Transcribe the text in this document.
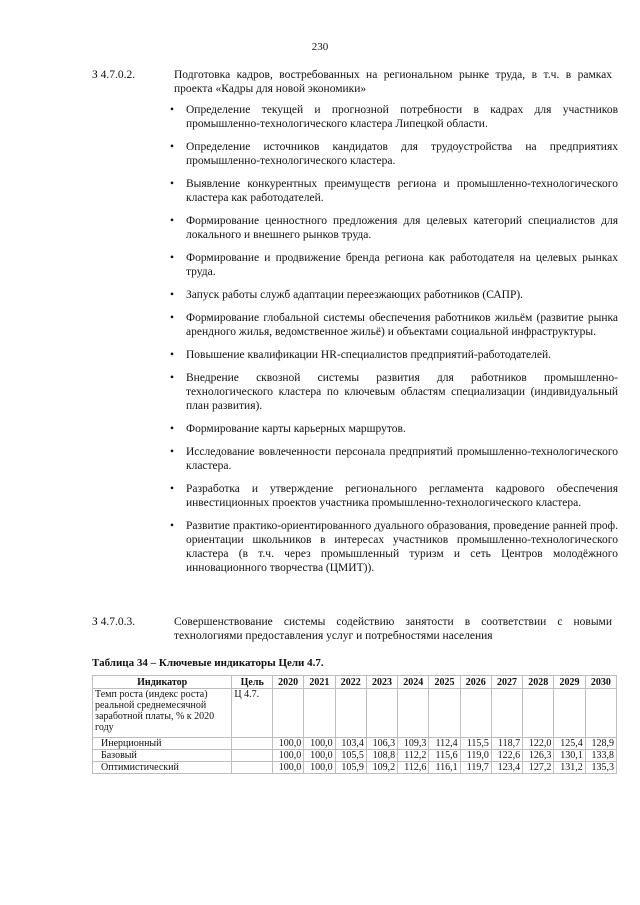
230
З 4.7.0.2.	Подготовка кадров, востребованных на региональном рынке труда, в т.ч. в рамках проекта «Кадры для новой экономики»
• Определение текущей и прогнозной потребности в кадрах для участников промышленно-технологического кластера Липецкой области.
• Определение источников кандидатов для трудоустройства на предприятиях промышленно-технологического кластера.
• Выявление конкурентных преимуществ региона и промышленно-технологического кластера как работодателей.
• Формирование ценностного предложения для целевых категорий специалистов для локального и внешнего рынков труда.
• Формирование и продвижение бренда региона как работодателя на целевых рынках труда.
• Запуск работы служб адаптации переезжающих работников (САПР).
• Формирование глобальной системы обеспечения работников жильём (развитие рынка арендного жилья, ведомственное жильё) и объектами социальной инфраструктуры.
• Повышение квалификации HR-специалистов предприятий-работодателей.
• Внедрение сквозной системы развития для работников промышленно-технологического кластера по ключевым областям специализации (индивидуальный план развития).
• Формирование карты карьерных маршрутов.
• Исследование вовлеченности персонала предприятий промышленно-технологического кластера.
• Разработка и утверждение регионального регламента кадрового обеспечения инвестиционных проектов участника промышленно-технологического кластера.
• Развитие практико-ориентированного дуального образования, проведение ранней проф. ориентации школьников в интересах участников промышленно-технологического кластера (в т.ч. через промышленный туризм и сеть Центров молодёжного инновационного творчества (ЦМИТ)).
З 4.7.0.3.	Совершенствование системы содействию занятости в соответствии с новыми технологиями предоставления услуг и потребностями населения
Таблица 34 – Ключевые индикаторы Цели 4.7.
Индикатор	Цель	2020	2021	2022	2023	2024	2025	2026	2027	2028	2029	2030
Темп роста (индекс роста) реальной среднемесячной заработной платы, % к 2020 году	Ц 4.7.											
Инерционный		100,0	100,0	103,4	106,3	109,3	112,4	115,5	118,7	122,0	125,4	128,9
Базовый		100,0	100,0	105,5	108,8	112,2	115,6	119,0	122,6	126,3	130,1	133,8
Оптимистический		100,0	100,0	105,9	109,2	112,6	116,1	119,7	123,4	127,2	131,2	135,3
